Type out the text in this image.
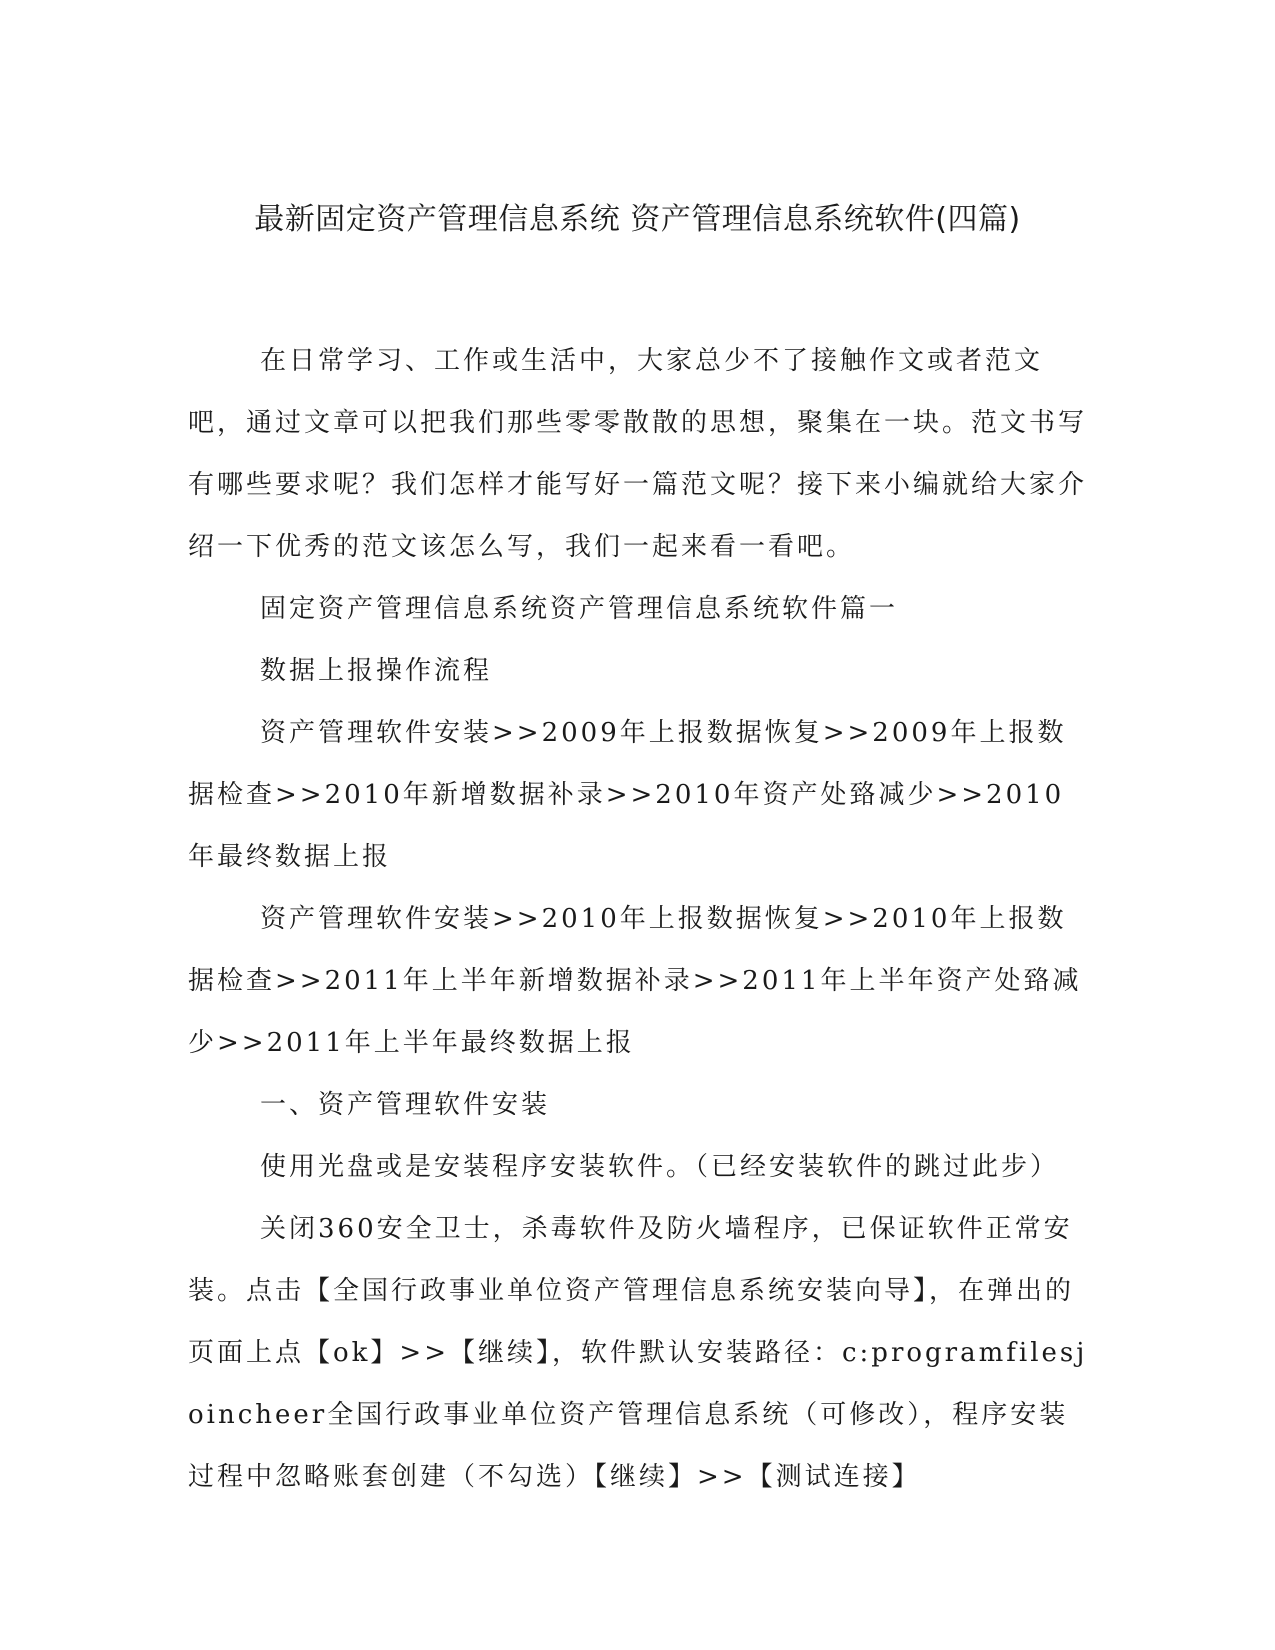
最新固定资产管理信息系统 资产管理信息系统软件(四篇)

在日常学习、工作或生活中，大家总少不了接触作文或者范文吧，通过文章可以把我们那些零零散散的思想，聚集在一块。范文书写有哪些要求呢？我们怎样才能写好一篇范文呢？接下来小编就给大家介绍一下优秀的范文该怎么写，我们一起来看一看吧。

固定资产管理信息系统资产管理信息系统软件篇一

数据上报操作流程

资产管理软件安装>>2009年上报数据恢复>>2009年上报数据检查>>2010年新增数据补录>>2010年资产处臵减少>>2010年最终数据上报

资产管理软件安装>>2010年上报数据恢复>>2010年上报数据检查>>2011年上半年新增数据补录>>2011年上半年资产处臵减少>>2011年上半年最终数据上报

一、资产管理软件安装

使用光盘或是安装程序安装软件。（已经安装软件的跳过此步）

关闭360安全卫士，杀毒软件及防火墙程序，已保证软件正常安装。点击【全国行政事业单位资产管理信息系统安装向导】，在弹出的页面上点【ok】>>【继续】，软件默认安装路径：c:programfilesjoincheer全国行政事业单位资产管理信息系统（可修改），程序安装过程中忽略账套创建（不勾选）【继续】>>【测试连接】
